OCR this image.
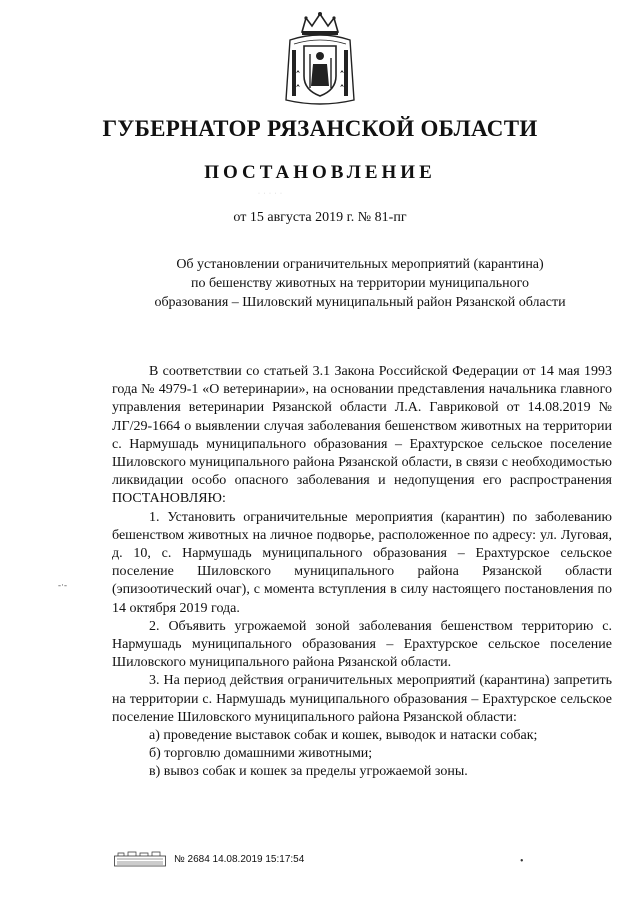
ГУБЕРНАТОР РЯЗАНСКОЙ ОБЛАСТИ
ПОСТАНОВЛЕНИЕ
· · · · ·
от 15 августа 2019 г. № 81-пг
Об установлении ограничительных мероприятий (карантина)
по бешенству животных на территории муниципального
образования – Шиловский муниципальный район Рязанской области

В соответствии со статьей 3.1 Закона Российской Федерации от 14 мая 1993 года № 4979-1 «О ветеринарии», на основании представления начальника главного управления ветеринарии Рязанской области Л.А. Гавриковой от 14.08.2019 № ЛГ/29-1664 о выявлении случая заболевания бешенством животных на территории с. Нармушадь муниципального образования – Ерахтурское сельское поселение Шиловского муниципального района Рязанской области, в связи с необходимостью ликвидации особо опасного заболевания и недопущения его распространения ПОСТАНОВЛЯЮ:

1. Установить ограничительные мероприятия (карантин) по заболеванию бешенством животных на личное подворье, расположенное по адресу: ул. Луговая, д. 10, с. Нармушадь муниципального образования – Ерахтурское сельское поселение Шиловского муниципального района Рязанской области (эпизоотический очаг), с момента вступления в силу настоящего постановления по 14 октября 2019 года.

2. Объявить угрожаемой зоной заболевания бешенством территорию с. Нармушадь муниципального образования – Ерахтурское сельское поселение Шиловского муниципального района Рязанской области.

3. На период действия ограничительных мероприятий (карантина) запретить на территории с. Нармушадь муниципального образования – Ерахтурское сельское поселение Шиловского муниципального района Рязанской области:

а) проведение выставок собак и кошек, выводок и натаски собак;

б) торговлю домашними животными;

в) вывоз собак и кошек за пределы угрожаемой зоны.

-·-
•
№ 2684 14.08.2019 15:17:54
